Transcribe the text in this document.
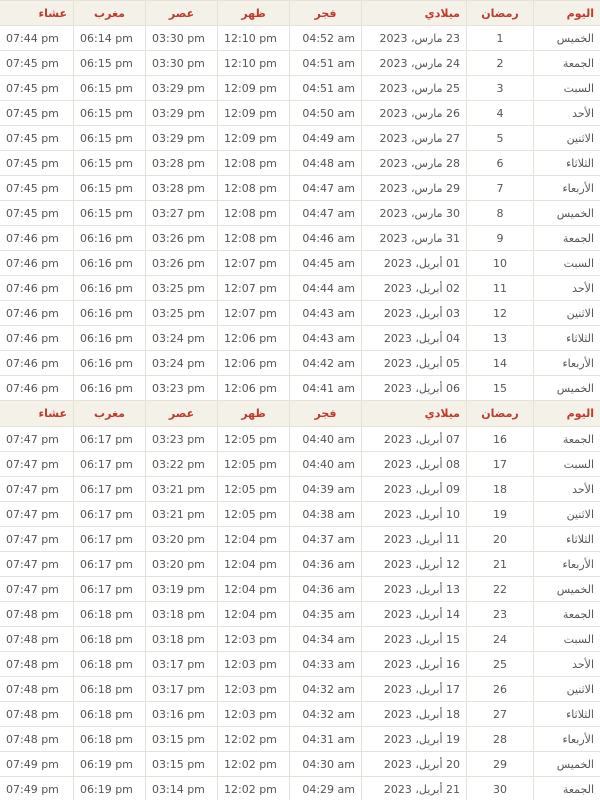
اليوم
رمضان
ميلادي
فجر
ظهر
عصر
مغرب
عشاء
الخميس
1
23 مارس، 2023
04:52 am
12:10 pm
03:30 pm
06:14 pm
07:44 pm
الجمعة
2
24 مارس، 2023
04:51 am
12:10 pm
03:30 pm
06:15 pm
07:45 pm
السبت
3
25 مارس، 2023
04:51 am
12:09 pm
03:29 pm
06:15 pm
07:45 pm
الأحد
4
26 مارس، 2023
04:50 am
12:09 pm
03:29 pm
06:15 pm
07:45 pm
الاثنين
5
27 مارس، 2023
04:49 am
12:09 pm
03:29 pm
06:15 pm
07:45 pm
الثلاثاء
6
28 مارس، 2023
04:48 am
12:08 pm
03:28 pm
06:15 pm
07:45 pm
الأربعاء
7
29 مارس، 2023
04:47 am
12:08 pm
03:28 pm
06:15 pm
07:45 pm
الخميس
8
30 مارس، 2023
04:47 am
12:08 pm
03:27 pm
06:15 pm
07:45 pm
الجمعة
9
31 مارس، 2023
04:46 am
12:08 pm
03:26 pm
06:16 pm
07:46 pm
السبت
10
01 أبريل، 2023
04:45 am
12:07 pm
03:26 pm
06:16 pm
07:46 pm
الأحد
11
02 أبريل، 2023
04:44 am
12:07 pm
03:25 pm
06:16 pm
07:46 pm
الاثنين
12
03 أبريل، 2023
04:43 am
12:07 pm
03:25 pm
06:16 pm
07:46 pm
الثلاثاء
13
04 أبريل، 2023
04:43 am
12:06 pm
03:24 pm
06:16 pm
07:46 pm
الأربعاء
14
05 أبريل، 2023
04:42 am
12:06 pm
03:24 pm
06:16 pm
07:46 pm
الخميس
15
06 أبريل، 2023
04:41 am
12:06 pm
03:23 pm
06:16 pm
07:46 pm
اليوم
رمضان
ميلادي
فجر
ظهر
عصر
مغرب
عشاء
الجمعة
16
07 أبريل، 2023
04:40 am
12:05 pm
03:23 pm
06:17 pm
07:47 pm
السبت
17
08 أبريل، 2023
04:40 am
12:05 pm
03:22 pm
06:17 pm
07:47 pm
الأحد
18
09 أبريل، 2023
04:39 am
12:05 pm
03:21 pm
06:17 pm
07:47 pm
الاثنين
19
10 أبريل، 2023
04:38 am
12:05 pm
03:21 pm
06:17 pm
07:47 pm
الثلاثاء
20
11 أبريل، 2023
04:37 am
12:04 pm
03:20 pm
06:17 pm
07:47 pm
الأربعاء
21
12 أبريل، 2023
04:36 am
12:04 pm
03:20 pm
06:17 pm
07:47 pm
الخميس
22
13 أبريل، 2023
04:36 am
12:04 pm
03:19 pm
06:17 pm
07:47 pm
الجمعة
23
14 أبريل، 2023
04:35 am
12:04 pm
03:18 pm
06:18 pm
07:48 pm
السبت
24
15 أبريل، 2023
04:34 am
12:03 pm
03:18 pm
06:18 pm
07:48 pm
الأحد
25
16 أبريل، 2023
04:33 am
12:03 pm
03:17 pm
06:18 pm
07:48 pm
الاثنين
26
17 أبريل، 2023
04:32 am
12:03 pm
03:17 pm
06:18 pm
07:48 pm
الثلاثاء
27
18 أبريل، 2023
04:32 am
12:03 pm
03:16 pm
06:18 pm
07:48 pm
الأربعاء
28
19 أبريل، 2023
04:31 am
12:02 pm
03:15 pm
06:18 pm
07:48 pm
الخميس
29
20 أبريل، 2023
04:30 am
12:02 pm
03:15 pm
06:19 pm
07:49 pm
الجمعة
30
21 أبريل، 2023
04:29 am
12:02 pm
03:14 pm
06:19 pm
07:49 pm
